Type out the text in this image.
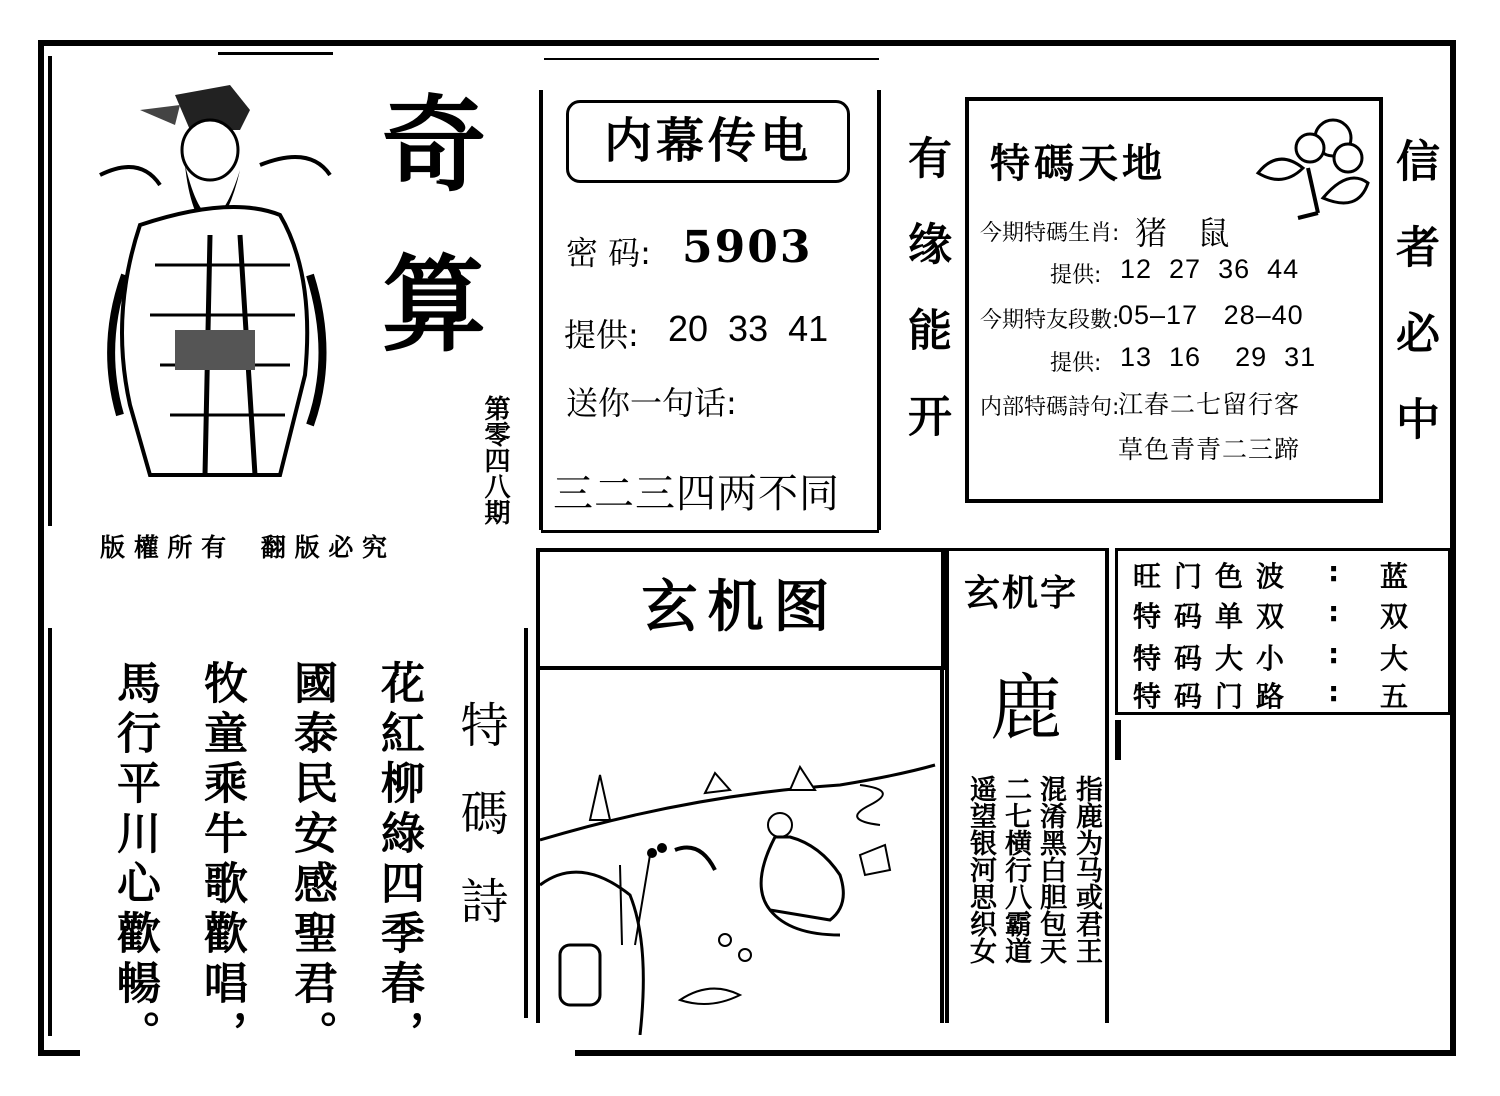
奇
算
第零四八期
版 權 所 有    翻 版 必 究
内幕传电
密 码: 5903
提供: 20  33  41
送你一句话:
三二三四两不同
有缘能开 特碼天地
今期特碼生肖: 猪   鼠
提供: 12  27  36  44
今期特友段數:
05–17   28–40
提供: 13  16    29  31
内部特碼詩句:
江春二七留行客
草色青青二三蹄 信者必中
玄机图	玄机字
鹿
指鹿为马或君王
混淆黑白胆包天
二七横行八霸道
遥望银河思织女
旺门色波 : 蓝
特码单双 : 双
特码大小 : 大
特码门路 : 五
特碼詩
花紅柳綠四季春，
國泰民安感聖君。
牧童乘牛歌歡唱，
馬行平川心歡暢。
